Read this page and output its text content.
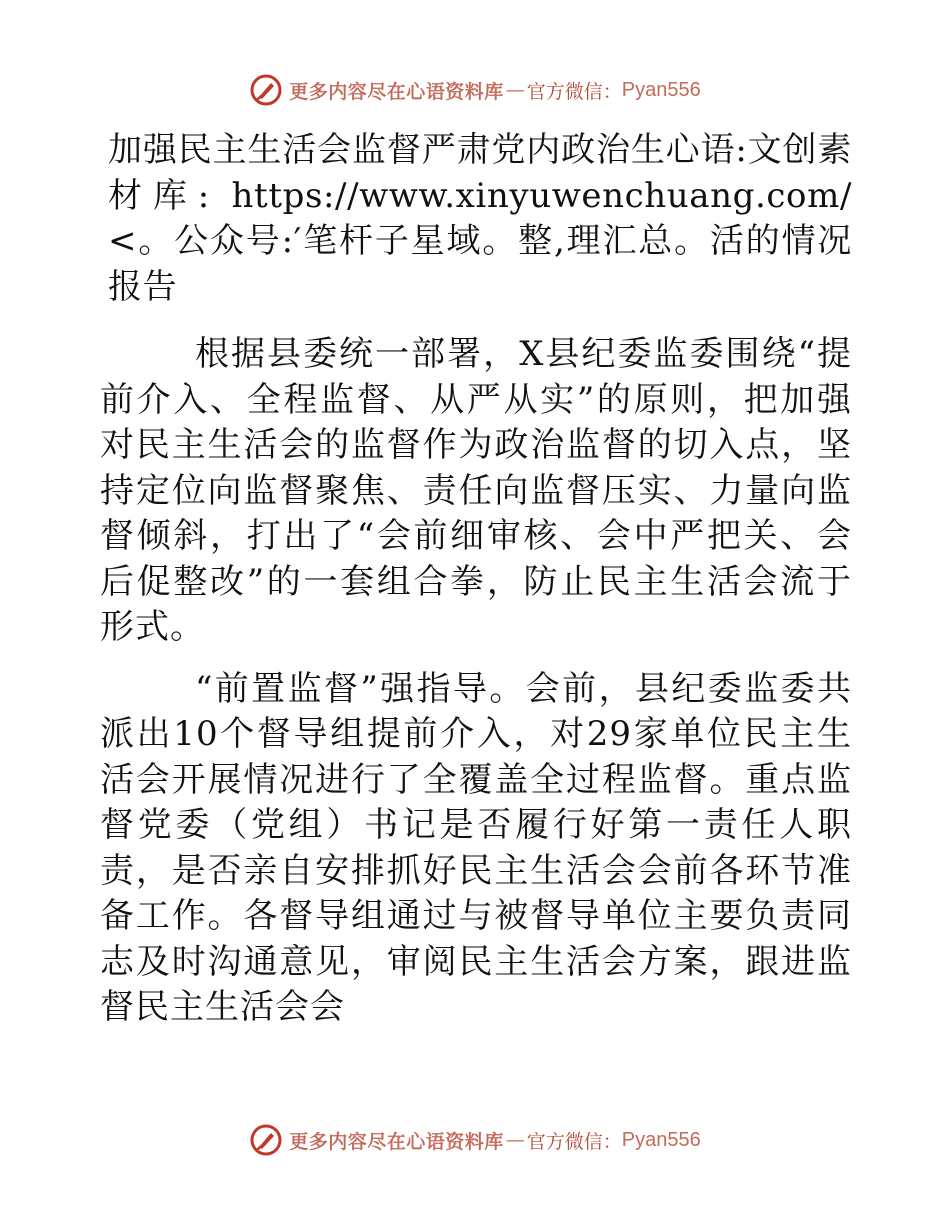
更多内容尽在心语资料库 — 官方微信： Pyan556

加强民主生活会监督严肃党内政治生心语:文创素材库: https://www.xinyuwenchuang.com/<。公众号:′笔杆子星域。整,理汇总。活的情况报告

根据县委统一部署，X县纪委监委围绕“提前介入、全程监督、从严从实”的原则，把加强对民主生活会的监督作为政治监督的切入点，坚持定位向监督聚焦、责任向监督压实、力量向监督倾斜，打出了“会前细审核、会中严把关、会后促整改”的一套组合拳，防止民主生活会流于形式。

“前置监督”强指导。会前，县纪委监委共派出10个督导组提前介入，对29家单位民主生活会开展情况进行了全覆盖全过程监督。重点监督党委（党组）书记是否履行好第一责任人职责，是否亲自安排抓好民主生活会会前各环节准备工作。各督导组通过与被督导单位主要负责同志及时沟通意见，审阅民主生活会方案，跟进监督民主生活会会

更多内容尽在心语资料库 — 官方微信： Pyan556
